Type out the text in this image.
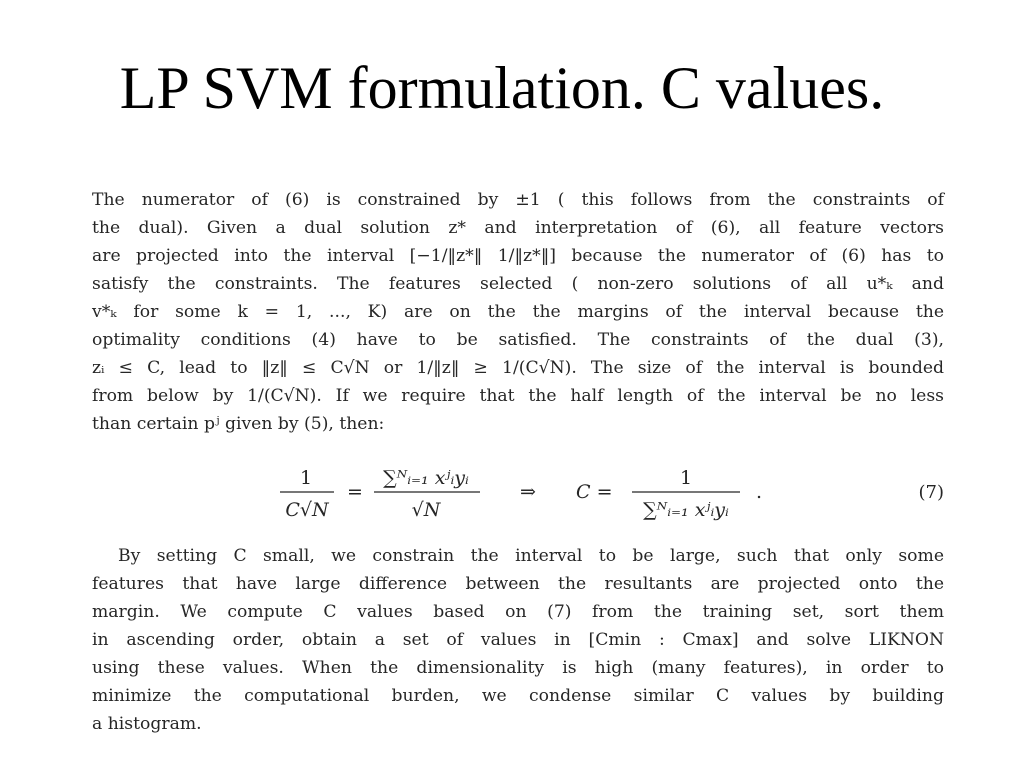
LP SVM formulation. C values.
The numerator of (6) is constrained by ±1 ( this follows from the constraints of
the dual). Given a dual solution z* and interpretation of (6), all feature vectors
are projected into the interval [−1/‖z*‖ 1/‖z*‖] because the numerator of (6) has to
satisfy the constraints. The features selected ( non-zero solutions of all u*ₖ and
v*ₖ for some k = 1, ..., K) are on the the margins of the interval because the
optimality conditions (4) have to be satisfied. The constraints of the dual (3),
zᵢ ≤ C, lead to ‖z‖ ≤ C√N or 1/‖z‖ ≥ 1/(C√N). The size of the interval is bounded
from below by 1/(C√N). If we require that the half length of the interval be no less
than certain pʲ given by (5), then:
1
C√N
=
∑ᴺᵢ₌₁ xʲᵢyᵢ
√N
⇒ C =
1
∑ᴺᵢ₌₁ xʲᵢyᵢ
.	(7)
By setting C small, we constrain the interval to be large, such that only some
features that have large difference between the resultants are projected onto the
margin. We compute C values based on (7) from the training set, sort them
in ascending order, obtain a set of values in [Cmin : Cmax] and solve LIKNON
using these values. When the dimensionality is high (many features), in order to
minimize the computational burden, we condense similar C values by building
a histogram.
